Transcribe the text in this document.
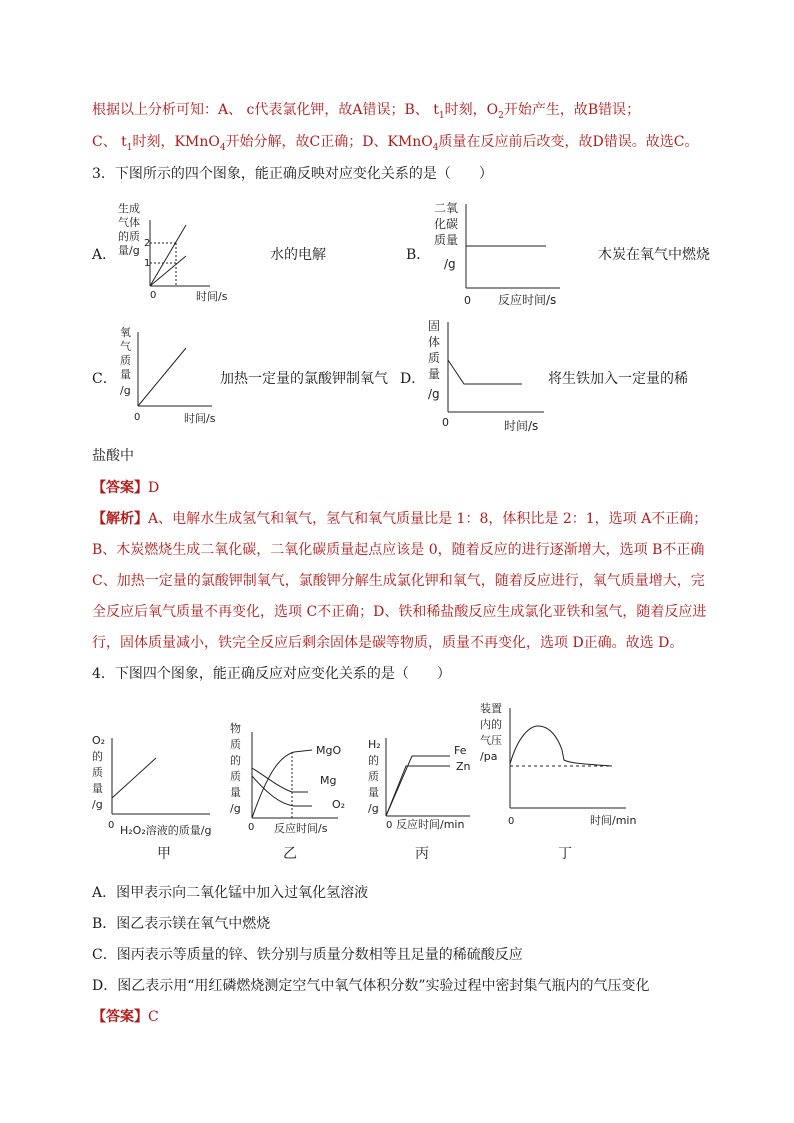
根据以上分析可知：A、 c代表氯化钾，故A错误；B、 $t_1$时刻，$O_2$开始产生，故B错误；
C、 $t_1$时刻，KMnO$_4$开始分解，故C正确；D、KMnO$_4$质量在反应前后改变，故D错误。故选C。
3．下图所示的四个图象，能正确反映对应变化关系的是（　　）
A．
生成
气体
的质
量/g
2
1
0	时间/s
水的电解	B．
二氧
化碳
质量
/g
0 反应时间/s
木炭在氧气中燃烧
C．
氧
气
质
量
/g
0	时间/s
加热一定量的氯酸钾制氧气 D．
固
体
质
量
/g
0	时间/s
将生铁加入一定量的稀
盐酸中
【答案】D
【解析】A、电解水生成氢气和氧气，氢气和氧气质量比是 1：8，体积比是 2：1，选项 A不正确；
B、木炭燃烧生成二氧化碳，二氧化碳质量起点应该是 0，随着反应的进行逐渐增大，选项 B不正确
C、加热一定量的氯酸钾制氧气，氯酸钾分解生成氯化钾和氧气，随着反应进行，氧气质量增大，完
全反应后氧气质量不再变化，选项 C不正确；D、铁和稀盐酸反应生成氯化亚铁和氢气，随着反应进
行，固体质量减小，铁完全反应后剩余固体是碳等物质，质量不再变化，选项 D正确。故选 D。
4．下图四个图象，能正确反应对应变化关系的是（　　）
O₂
的
质
量
/g
0 H₂O₂溶液的质量/g
甲
物
质
的
质
量
/g
MgO
Mg
O₂
0 反应时间/s
乙
H₂
的
质
量
/g
Fe
Zn
0 反应时间/min
丙
装置
内的
气压
/pa
0	时间/min
丁
A．图甲表示向二氧化锰中加入过氧化氢溶液
B．图乙表示镁在氧气中燃烧
C．图丙表示等质量的锌、铁分别与质量分数相等且足量的稀硫酸反应
D．图乙表示用“用红磷燃烧测定空气中氧气体积分数”实验过程中密封集气瓶内的气压变化
【答案】C
